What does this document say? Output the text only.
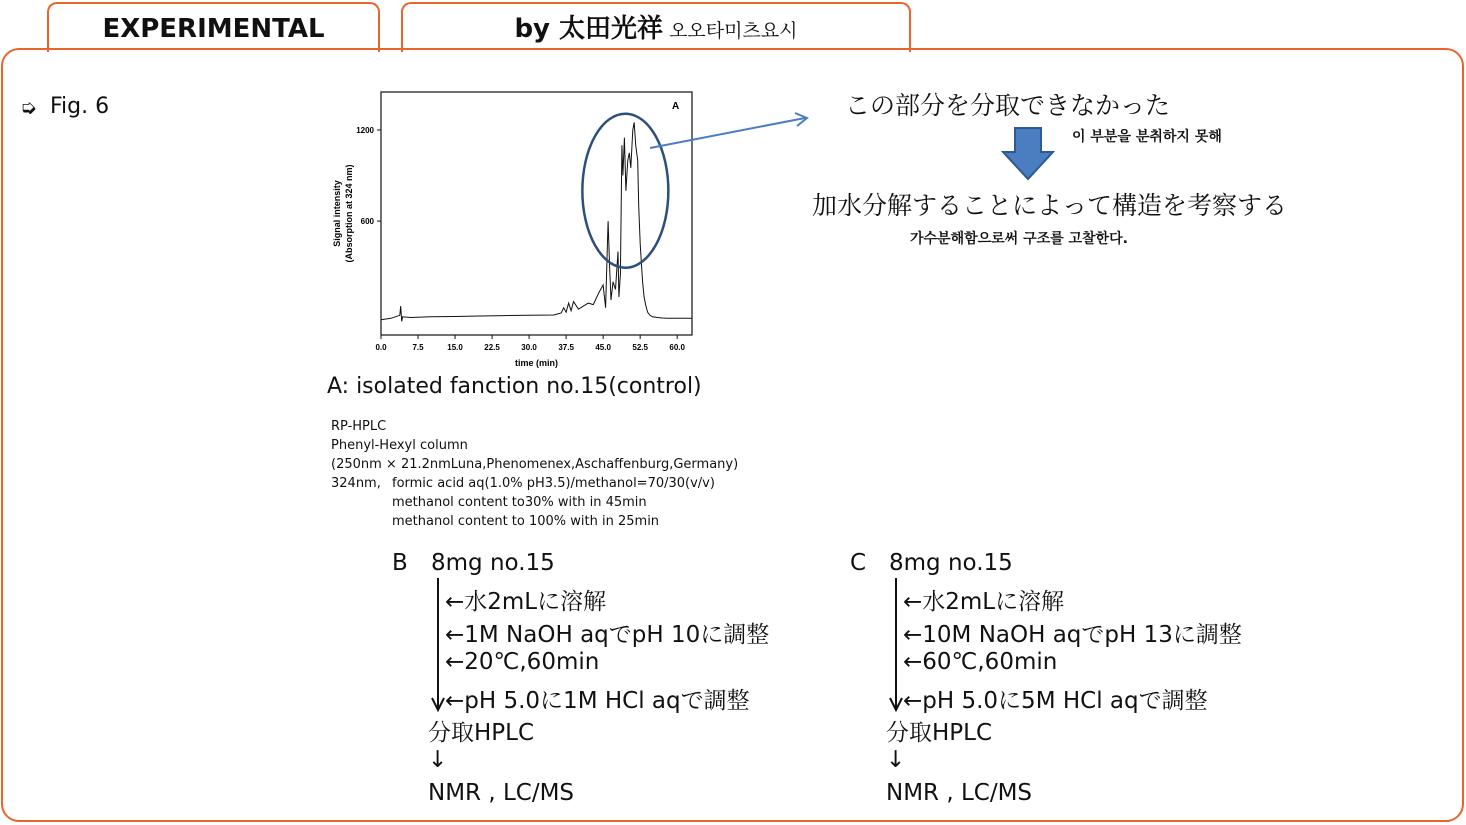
EXPERIMENTAL	by 太田光祥 오오타미츠요시
➭ Fig. 6
0.0	7.5	15.0	22.5	30.0	37.5	45.0	52.5	60.0
600
1200
time (min)
Signal intensity (Absorption at 324 nm)
A
A: isolated fanction no.15(control)
RP-HPLC
Phenyl-Hexyl column
(250nm × 21.2nmLuna,Phenomenex,Aschaffenburg,Germany)
324nm, formic acid aq(1.0% pH3.5)/methanol=70/30(v/v)
methanol content to30% with in 45min
methanol content to 100% with in 25min
この部分を分取できなかった
이 부분을 분취하지 못해
加水分解することによって構造を考察する
가수분해함으로써 구조를 고찰한다.
B 8mg no.15
←水2mLに溶解
←1M NaOH aqでpH 10に調整
←20℃,60min
←pH 5.0に1M HCl aqで調整
分取HPLC
↓
NMR , LC/MS
C 8mg no.15
←水2mLに溶解
←10M NaOH aqでpH 13に調整
←60℃,60min
←pH 5.0に5M HCl aqで調整
分取HPLC
↓
NMR , LC/MS
